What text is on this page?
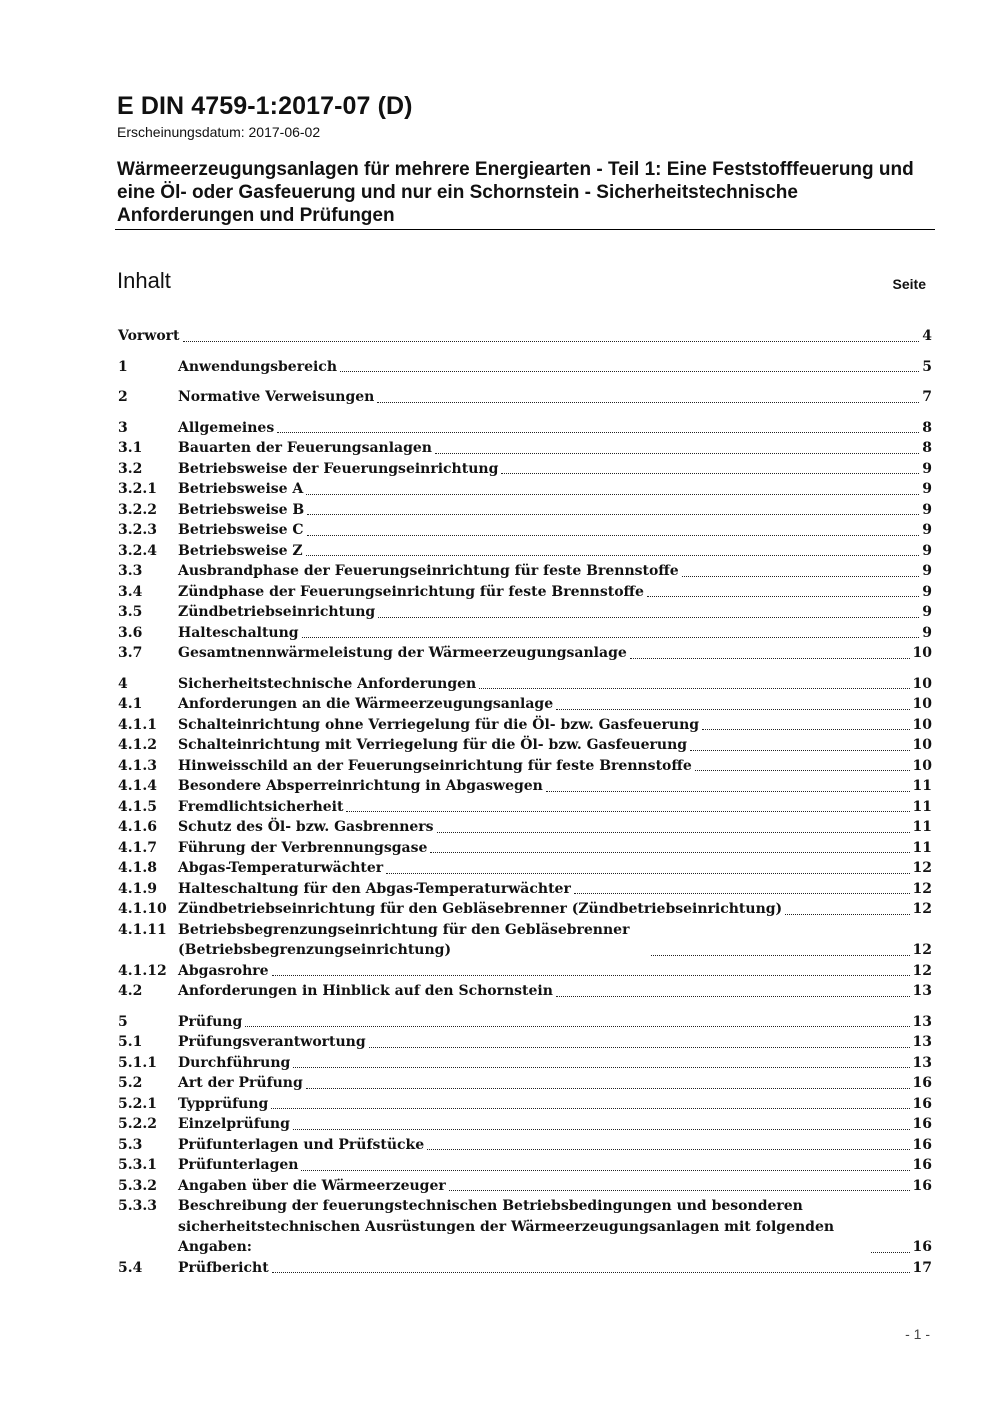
E DIN 4759-1:2017-07 (D)
Erscheinungsdatum: 2017-06-02
Wärmeerzeugungsanlagen für mehrere Energiearten - Teil 1: Eine Feststofffeuerung und eine Öl- oder Gasfeuerung und nur ein Schornstein - Sicherheitstechnische Anforderungen und Prüfungen
Inhalt	Seite
Vorwort	4
1	Anwendungsbereich	5
2	Normative Verweisungen	7
3	Allgemeines	8
3.1	Bauarten der Feuerungsanlagen	8
3.2	Betriebsweise der Feuerungseinrichtung	9
3.2.1	Betriebsweise A	9
3.2.2	Betriebsweise B	9
3.2.3	Betriebsweise C	9
3.2.4	Betriebsweise Z	9
3.3	Ausbrandphase der Feuerungseinrichtung für feste Brennstoffe	9
3.4	Zündphase der Feuerungseinrichtung für feste Brennstoffe	9
3.5	Zündbetriebseinrichtung	9
3.6	Halteschaltung	9
3.7	Gesamtnennwärmeleistung der Wärmeerzeugungsanlage	10
4	Sicherheitstechnische Anforderungen	10
4.1	Anforderungen an die Wärmeerzeugungsanlage	10
4.1.1	Schalteinrichtung ohne Verriegelung für die Öl- bzw. Gasfeuerung	10
4.1.2	Schalteinrichtung mit Verriegelung für die Öl- bzw. Gasfeuerung	10
4.1.3	Hinweisschild an der Feuerungseinrichtung für feste Brennstoffe	10
4.1.4	Besondere Absperreinrichtung in Abgaswegen	11
4.1.5	Fremdlichtsicherheit	11
4.1.6	Schutz des Öl- bzw. Gasbrenners	11
4.1.7	Führung der Verbrennungsgase	11
4.1.8	Abgas-Temperaturwächter	12
4.1.9	Halteschaltung für den Abgas-Temperaturwächter	12
4.1.10 Zündbetriebseinrichtung für den Gebläsebrenner (Zündbetriebseinrichtung)	12
4.1.11 Betriebsbegrenzungseinrichtung für den Gebläsebrenner (Betriebsbegrenzungseinrichtung)	12
4.1.12 Abgasrohre	12
4.2	Anforderungen in Hinblick auf den Schornstein	13
5	Prüfung	13
5.1	Prüfungsverantwortung	13
5.1.1	Durchführung	13
5.2	Art der Prüfung	16
5.2.1	Typprüfung	16
5.2.2	Einzelprüfung	16
5.3	Prüfunterlagen und Prüfstücke	16
5.3.1	Prüfunterlagen	16
5.3.2	Angaben über die Wärmeerzeuger	16
5.3.3	Beschreibung der feuerungstechnischen Betriebsbedingungen und besonderen sicherheitstechnischen Ausrüstungen der Wärmeerzeugungsanlagen mit folgenden Angaben:	16
5.4	Prüfbericht	17
- 1 -
